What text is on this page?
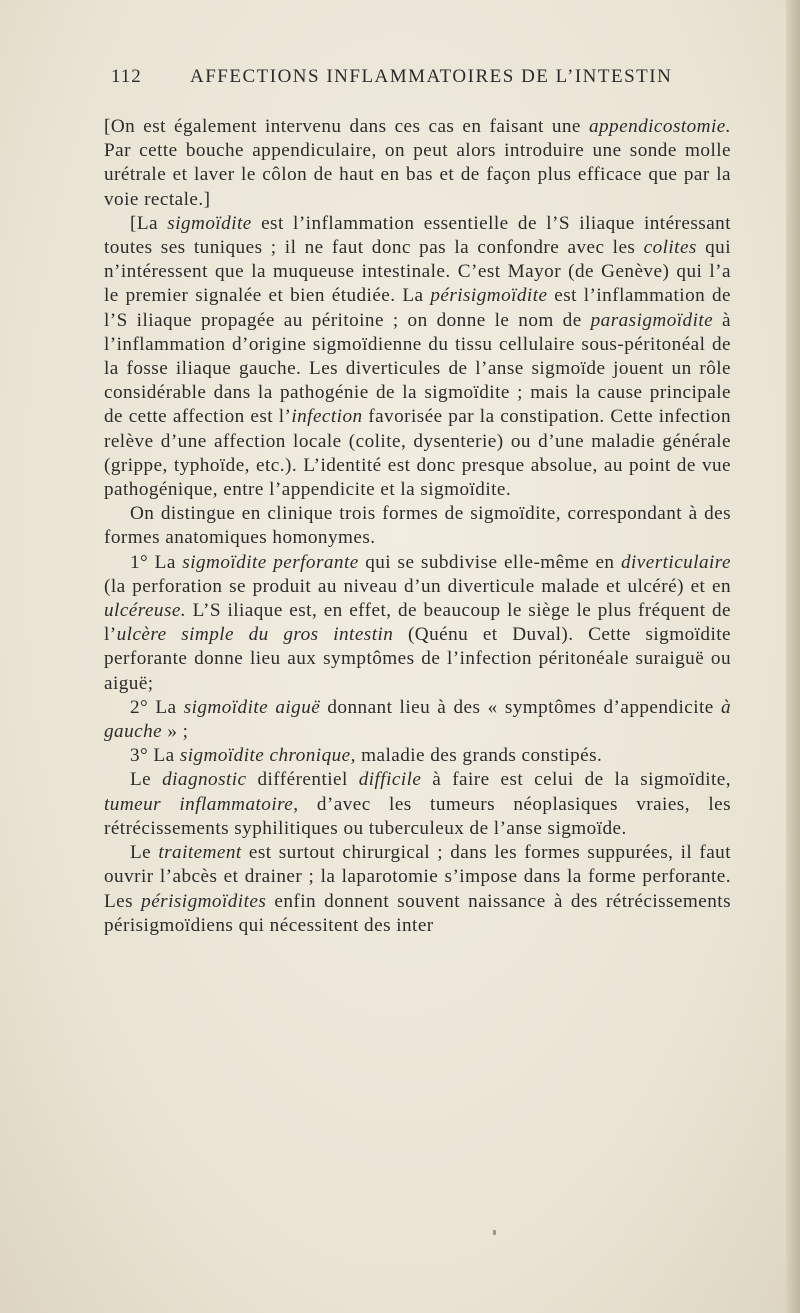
112	AFFECTIONS INFLAMMATOIRES DE L’INTESTIN

[On est également intervenu dans ces cas en faisant une appendicostomie. Par cette bouche appendiculaire, on peut alors introduire une sonde molle urétrale et laver le côlon de haut en bas et de façon plus efficace que par la voie rectale.]

[La sigmoïdite est l’inflammation essentielle de l’S iliaque intéressant toutes ses tuniques ; il ne faut donc pas la confondre avec les colites qui n’intéressent que la muqueuse intestinale. C’est Mayor (de Genève) qui l’a le premier signalée et bien étudiée. La périsigmoïdite est l’inflammation de l’S iliaque propagée au péritoine ; on donne le nom de parasigmoïdite à l’inflammation d’origine sigmoïdienne du tissu cellulaire sous-péritonéal de la fosse iliaque gauche. Les diverticules de l’anse sigmoïde jouent un rôle considérable dans la pathogénie de la sigmoïdite ; mais la cause principale de cette affection est l’infection favorisée par la constipation. Cette infection relève d’une affection locale (colite, dysenterie) ou d’une maladie générale (grippe, typhoïde, etc.). L’identité est donc presque absolue, au point de vue pathogénique, entre l’appendicite et la sigmoïdite.

On distingue en clinique trois formes de sigmoïdite, correspondant à des formes anatomiques homonymes.

1° La sigmoïdite perforante qui se subdivise elle-même en diverticulaire (la perforation se produit au niveau d’un diverticule malade et ulcéré) et en ulcéreuse. L’S iliaque est, en effet, de beaucoup le siège le plus fréquent de l’ulcère simple du gros intestin (Quénu et Duval). Cette sigmoïdite perforante donne lieu aux symptômes de l’infection péritonéale suraiguë ou aiguë;

2° La sigmoïdite aiguë donnant lieu à des « symptômes d’appendicite à gauche » ;

3° La sigmoïdite chronique, maladie des grands constipés.

Le diagnostic différentiel difficile à faire est celui de la sigmoïdite, tumeur inflammatoire, d’avec les tumeurs néoplasiques vraies, les rétrécissements syphilitiques ou tuberculeux de l’anse sigmoïde.

Le traitement est surtout chirurgical ; dans les formes suppurées, il faut ouvrir l’abcès et drainer ; la laparotomie s’impose dans la forme perforante. Les périsigmoïdites enfin donnent souvent naissance à des rétrécissements périsigmoïdiens qui nécessitent des inter
